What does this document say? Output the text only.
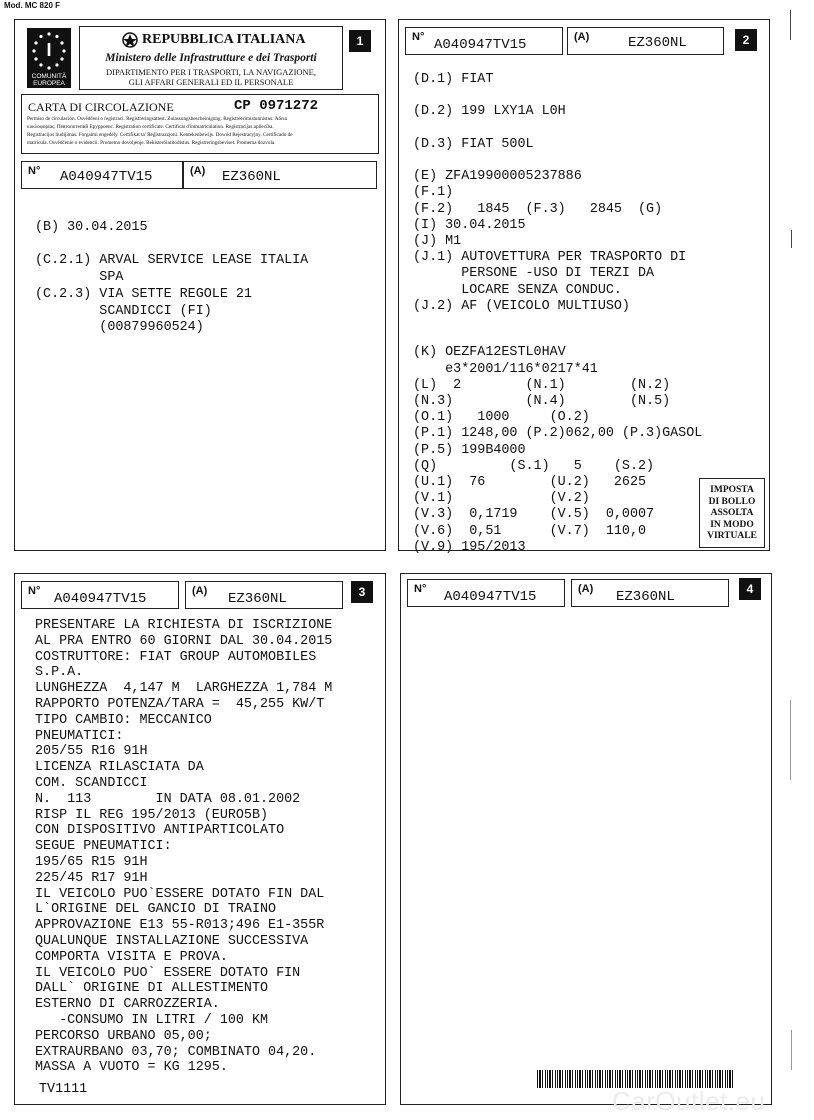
Mod. MC 820 F
1
I
COMUNITÀ EUROPEA
REPUBBLICA ITALIANA
Ministero delle Infrastrutture e dei Trasporti
DIPARTIMENTO PER I TRASPORTI, LA NAVIGAZIONE,
GLI AFFARI GENERALI ED IL PERSONALE
CARTA DI CIRCOLAZIONE	CP 0971272
Permiso de circulación. Osvědčení o registraci. Registreringsattest. Zulassungsbescheinigung. Registreerimistunnistus. Άδεια
κυκλοφορίας. Певтопотепий Epyppoenc. Registration certificate. Certificat d'immatriculation. Registracijas apliecība.
Registracijos liudijimas. Forgalmi engedély. Certifikat ta' Reģistrazzjoni. Kentekenbewijs. Dowód Rejestracyjny. Certificado de
matrícula. Osvědčenie o evidencii. Prometno dovoljenje. Rekisteröintitodistus. Registreringsbeviset. Promema dozvola.
N° A040947TV15	(A) EZ360NL
(B) 30.04.2015
(C.2.1) ARVAL SERVICE LEASE ITALIA
SPA
(C.2.3) VIA SETTE REGOLE 21
SCANDICCI (FI)
(00879960524)
N° A040947TV15	(A)	EZ360NL	2
(D.1) FIAT
(D.2) 199 LXY1A L0H
(D.3) FIAT 500L
(E) ZFA19900005237886
(F.1)
(F.2)   1845  (F.3)   2845  (G)
(I) 30.04.2015
(J) M1
(J.1) AUTOVETTURA PER TRASPORTO DI
PERSONE -USO DI TERZI DA
LOCARE SENZA CONDUC.
(J.2) AF (VEICOLO MULTIUSO)
(K) OEZFA12ESTL0HAV
e3*2001/116*0217*41
(L)  2        (N.1)        (N.2)
(N.3)         (N.4)        (N.5)
(O.1)   1000     (O.2)
(P.1) 1248,00 (P.2)062,00 (P.3)GASOL
(P.5) 199B4000
(Q)         (S.1)   5    (S.2)
(U.1)  76        (U.2)   2625
(V.1)            (V.2)
(V.3)  0,1719    (V.5)  0,0007
(V.6)  0,51      (V.7)  110,0
(V.9) 195/2013
IMPOSTA
DI BOLLO
ASSOLTA
IN MODO
VIRTUALE
N° A040947TV15	(A) EZ360NL	3
PRESENTARE LA RICHIESTA DI ISCRIZIONE
AL PRA ENTRO 60 GIORNI DAL 30.04.2015
COSTRUTTORE: FIAT GROUP AUTOMOBILES
S.P.A.
LUNGHEZZA  4,147 M  LARGHEZZA 1,784 M
RAPPORTO POTENZA/TARA =  45,255 KW/T
TIPO CAMBIO: MECCANICO
PNEUMATICI:
205/55 R16 91H
LICENZA RILASCIATA DA
COM. SCANDICCI
N.  113        IN DATA 08.01.2002
RISP IL REG 195/2013 (EURO5B)
CON DISPOSITIVO ANTIPARTICOLATO
SEGUE PNEUMATICI:
195/65 R15 91H
225/45 R17 91H
IL VEICOLO PUO`ESSERE DOTATO FIN DAL
L`ORIGINE DEL GANCIO DI TRAINO
APPROVAZIONE E13 55-R013;496 E1-355R
QUALUNQUE INSTALLAZIONE SUCCESSIVA
COMPORTA VISITA E PROVA.
IL VEICOLO PUO` ESSERE DOTATO FIN
DALL` ORIGINE DI ALLESTIMENTO
ESTERNO DI CARROZZERIA.
-CONSUMO IN LITRI / 100 KM
PERCORSO URBANO 05,00;
EXTRAURBANO 03,70; COMBINATO 04,20.
MASSA A VUOTO = KG 1295.
TV1111
N° A040947TV15	(A) EZ360NL	4
CarOutlet.eu
